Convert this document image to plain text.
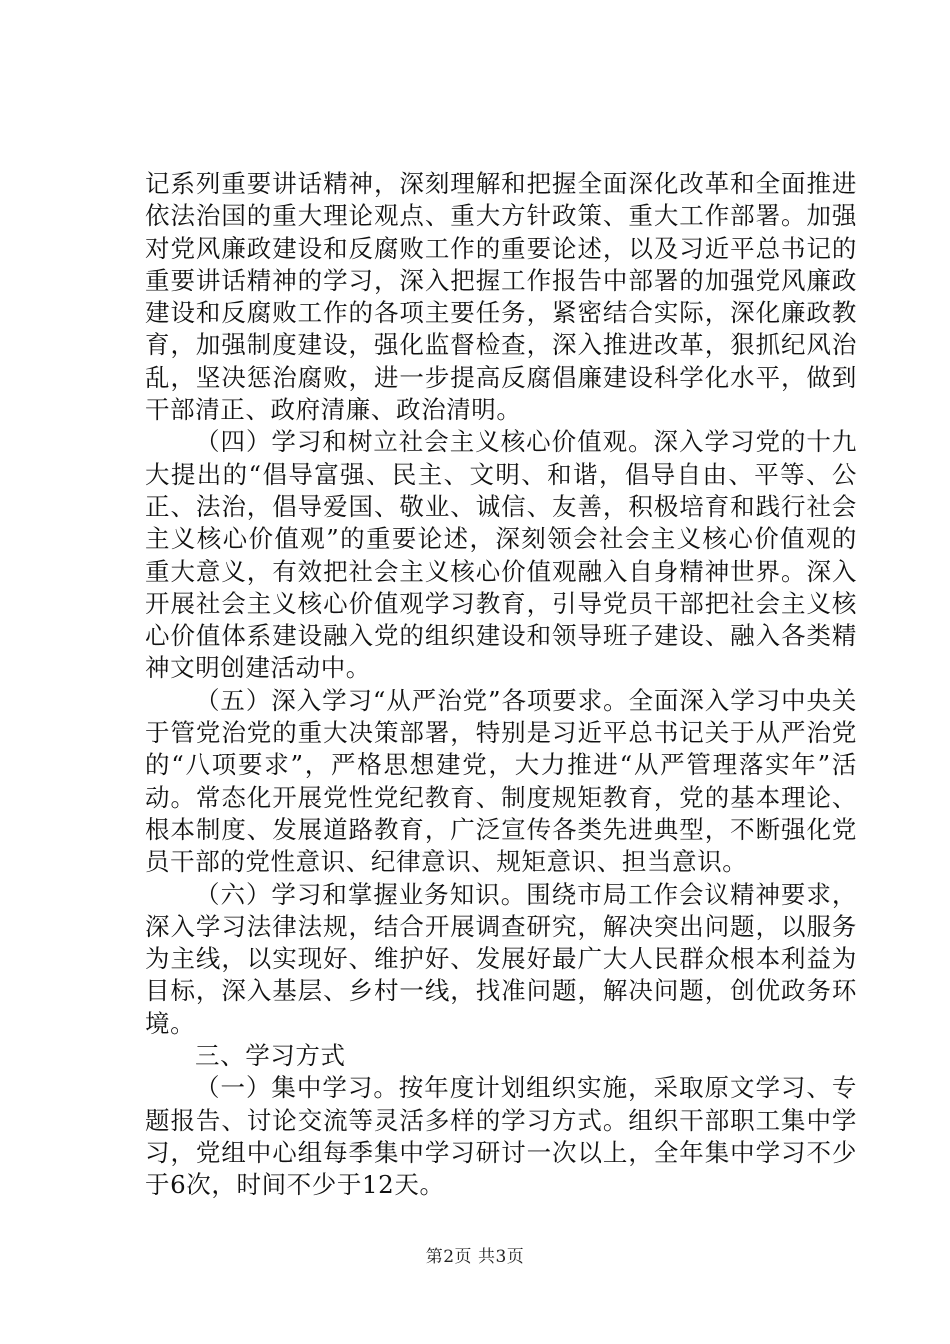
记系列重要讲话精神，深刻理解和把握全面深化改革和全面推进依法治国的重大理论观点、重大方针政策、重大工作部署。加强对党风廉政建设和反腐败工作的重要论述，以及习近平总书记的重要讲话精神的学习，深入把握工作报告中部署的加强党风廉政建设和反腐败工作的各项主要任务，紧密结合实际，深化廉政教育，加强制度建设，强化监督检查，深入推进改革，狠抓纪风治乱，坚决惩治腐败，进一步提高反腐倡廉建设科学化水平，做到干部清正、政府清廉、政治清明。

（四）学习和树立社会主义核心价值观。深入学习党的十九大提出的“倡导富强、民主、文明、和谐，倡导自由、平等、公正、法治，倡导爱国、敬业、诚信、友善，积极培育和践行社会主义核心价值观”的重要论述，深刻领会社会主义核心价值观的重大意义，有效把社会主义核心价值观融入自身精神世界。深入开展社会主义核心价值观学习教育，引导党员干部把社会主义核心价值体系建设融入党的组织建设和领导班子建设、融入各类精神文明创建活动中。

（五）深入学习“从严治党”各项要求。全面深入学习中央关于管党治党的重大决策部署，特别是习近平总书记关于从严治党的“八项要求”，严格思想建党，大力推进“从严管理落实年”活动。常态化开展党性党纪教育、制度规矩教育，党的基本理论、根本制度、发展道路教育，广泛宣传各类先进典型，不断强化党员干部的党性意识、纪律意识、规矩意识、担当意识。

（六）学习和掌握业务知识。围绕市局工作会议精神要求，深入学习法律法规，结合开展调查研究，解决突出问题，以服务为主线，以实现好、维护好、发展好最广大人民群众根本利益为目标，深入基层、乡村一线，找准问题，解决问题，创优政务环境。

三、学习方式

（一）集中学习。按年度计划组织实施，采取原文学习、专题报告、讨论交流等灵活多样的学习方式。组织干部职工集中学习，党组中心组每季集中学习研讨一次以上，全年集中学习不少于6次，时间不少于12天。

第2页 共3页
